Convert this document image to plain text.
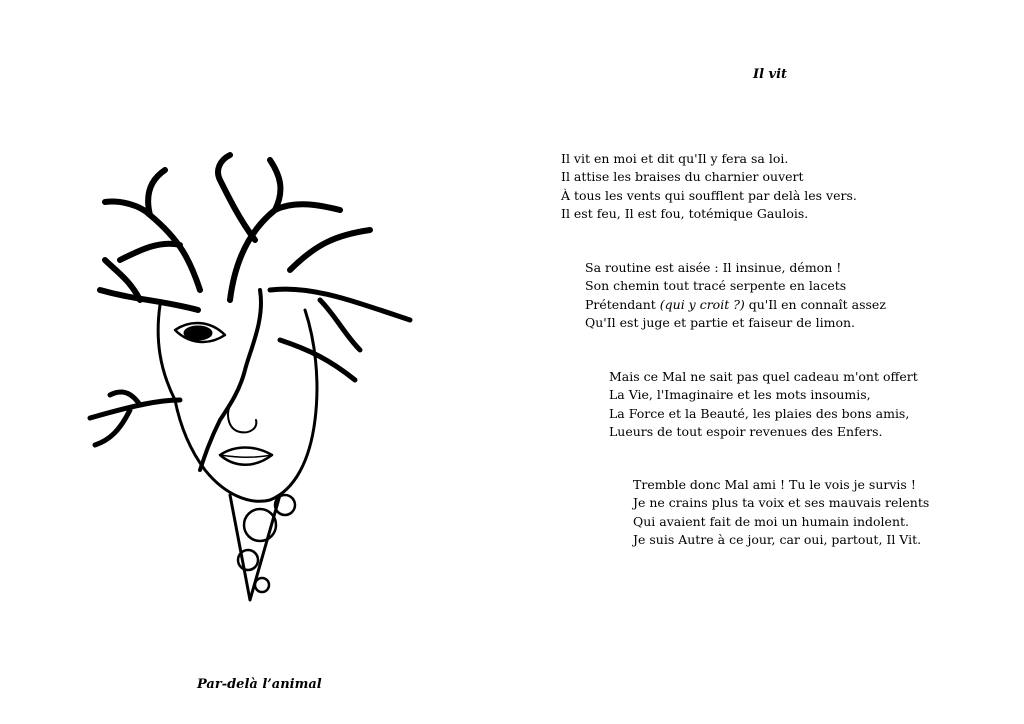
Par-delà l’animal
Il vit
Il vit en moi et dit qu'Il y fera sa loi.
Il attise les braises du charnier ouvert
À tous les vents qui soufflent par delà les vers.
Il est feu, Il est fou, totémique Gaulois.
Sa routine est aisée : Il insinue, démon !
Son chemin tout tracé serpente en lacets
Prétendant (qui y croit ?) qu'Il en connaît assez
Qu'Il est juge et partie et faiseur de limon.
Mais ce Mal ne sait pas quel cadeau m'ont offert
La Vie, l'Imaginaire et les mots insoumis,
La Force et la Beauté, les plaies des bons amis,
Lueurs de tout espoir revenues des Enfers.
Tremble donc Mal ami ! Tu le vois je survis !
Je ne crains plus ta voix et ses mauvais relents
Qui avaient fait de moi un humain indolent.
Je suis Autre à ce jour, car oui, partout, Il Vit.
